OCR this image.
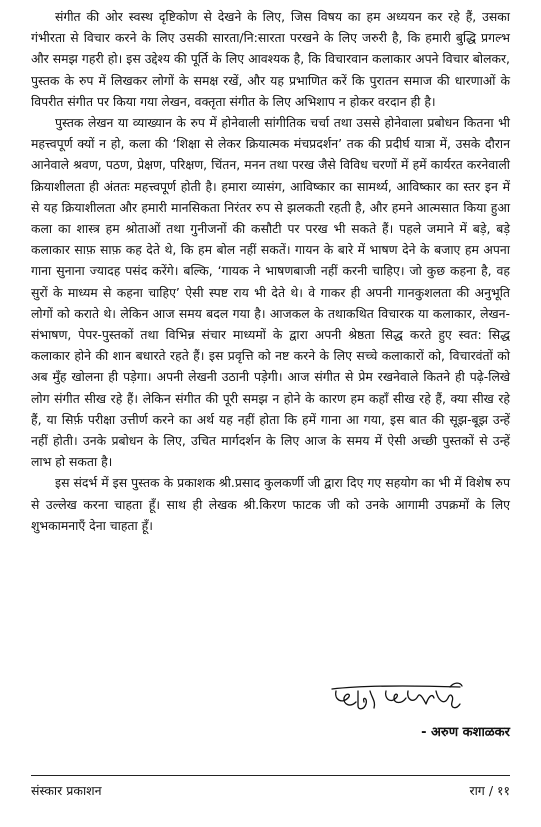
संगीत की ओर स्वस्थ दृष्टिकोण से देखने के लिए, जिस विषय का हम अध्ययन कर रहे हैं, उसका गंभीरता से विचार करने के लिए उसकी सारता/नि:सारता परखने के लिए जरुरी है, कि हमारी बुद्धि प्रगल्भ और समझ गहरी हो। इस उद्देश्य की पूर्ति के लिए आवश्यक है, कि विचारवान कलाकार अपने विचार बोलकर, पुस्तक के रुप में लिखकर लोगों के समक्ष रखें, और यह प्रभाणित करें कि पुरातन समाज की धारणाओं के विपरीत संगीत पर किया गया लेखन, वक्तृता संगीत के लिए अभिशाप न होकर वरदान ही है।

पुस्तक लेखन या व्याख्यान के रुप में होनेवाली सांगीतिक चर्चा तथा उससे होनेवाला प्रबोधन कितना भी महत्त्वपूर्ण क्यों न हो, कला की ‘शिक्षा से लेकर क्रियात्मक मंचप्रदर्शन’ तक की प्रदीर्घ यात्रा में, उसके दौरान आनेवाले श्रवण, पठण, प्रेक्षण, परिक्षण, चिंतन, मनन तथा परख जैसे विविध चरणों में हमें कार्यरत करनेवाली क्रियाशीलता ही अंततः महत्त्वपूर्ण होती है। हमारा व्यासंग, आविष्कार का सामर्थ्य, आविष्कार का स्तर इन में से यह क्रियाशीलता और हमारी मानसिकता निरंतर रुप से झलकती रहती है, और हमने आत्मसात किया हुआ कला का शास्त्र हम श्रोताओं तथा गुनीजनों की कसौटी पर परख भी सकते हैं। पहले जमाने में बड़े, बड़े कलाकार साफ़ साफ़ कह देते थे, कि हम बोल नहीं सकतें। गायन के बारे में भाषण देने के बजाए हम अपना गाना सुनाना ज्यादह पसंद करेंगे। बल्कि, ‘गायक ने भाषणबाजी नहीं करनी चाहिए। जो कुछ कहना है, वह सुरों के माध्यम से कहना चाहिए’ ऐसी स्पष्ट राय भी देते थे। वे गाकर ही अपनी गानकुशलता की अनुभूति लोगों को कराते थे। लेकिन आज समय बदल गया है। आजकल के तथाकथित विचारक या कलाकार, लेखन-संभाषण, पेपर-पुस्तकों तथा विभिन्न संचार माध्यमों के द्वारा अपनी श्रेष्ठता सिद्ध करते हुए स्वत: सिद्ध कलाकार होने की शान बधारते रहते हैं। इस प्रवृत्ति को नष्ट करने के लिए सच्चे कलाकारों को, विचारवंतों को अब मुँह खोलना ही पड़ेगा। अपनी लेखनी उठानी पड़ेगी। आज संगीत से प्रेम रखनेवाले कितने ही पढ़े-लिखे लोग संगीत सीख रहे हैं। लेकिन संगीत की पूरी समझ न होने के कारण हम कहाँ सीख रहे हैं, क्या सीख रहे हैं, या सिर्फ़ परीक्षा उत्तीर्ण करने का अर्थ यह नहीं होता कि हमें गाना आ गया, इस बात की सूझ-बूझ उन्हें नहीं होती। उनके प्रबोधन के लिए, उचित मार्गदर्शन के लिए आज के समय में ऐसी अच्छी पुस्तकों से उन्हें लाभ हो सकता है।

इस संदर्भ में इस पुस्तक के प्रकाशक श्री.प्रसाद कुलकर्णी जी द्वारा दिए गए सहयोग का भी में विशेष रुप से उल्लेख करना चाहता हूँ। साथ ही लेखक श्री.किरण फाटक जी को उनके आगामी उपक्रमों के लिए शुभकामनाएँ देना चाहता हूँ।

- अरुण कशाळकर
संस्कार प्रकाशन	राग / ११
